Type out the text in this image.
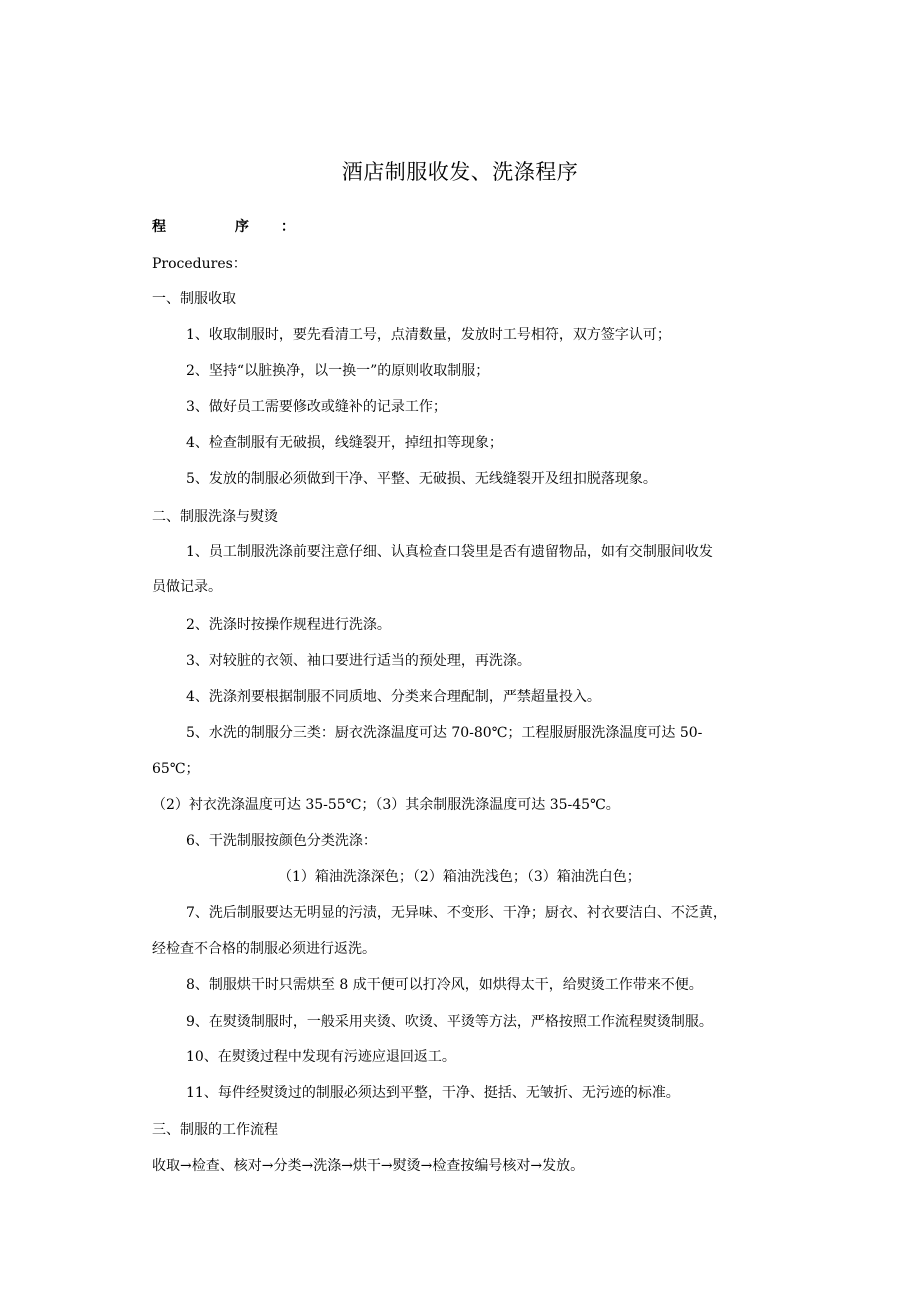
酒店制服收发、洗涤程序
程 序：
Procedures：
一、制服收取
1、收取制服时，要先看清工号，点清数量，发放时工号相符，双方签字认可；
2、坚持“以脏换净，以一换一”的原则收取制服；
3、做好员工需要修改或缝补的记录工作；
4、检查制服有无破损，线缝裂开，掉纽扣等现象；
5、发放的制服必须做到干净、平整、无破损、无线缝裂开及纽扣脱落现象。
二、制服洗涤与熨烫
1、员工制服洗涤前要注意仔细、认真检查口袋里是否有遗留物品，如有交制服间收发
员做记录。
2、洗涤时按操作规程进行洗涤。
3、对较脏的衣领、袖口要进行适当的预处理，再洗涤。
4、洗涤剂要根据制服不同质地、分类来合理配制，严禁超量投入。
5、水洗的制服分三类：厨衣洗涤温度可达 70-80℃；工程服厨服洗涤温度可达 50-
65℃；
（2）衬衣洗涤温度可达 35-55℃；（3）其余制服洗涤温度可达 35-45℃。
6、干洗制服按颜色分类洗涤：
（1）箱油洗涤深色；（2）箱油洗浅色；（3）箱油洗白色；
7、洗后制服要达无明显的污渍，无异味、不变形、干净；厨衣、衬衣要洁白、不泛黄，
经检查不合格的制服必须进行返洗。
8、制服烘干时只需烘至 8 成干便可以打冷风，如烘得太干，给熨烫工作带来不便。
9、在熨烫制服时，一般采用夹烫、吹烫、平烫等方法，严格按照工作流程熨烫制服。
10、在熨烫过程中发现有污迹应退回返工。
11、每件经熨烫过的制服必须达到平整，干净、挺括、无皱折、无污迹的标准。
三、制服的工作流程
收取→检查、核对→分类→洗涤→烘干→熨烫→检查按编号核对→发放。
